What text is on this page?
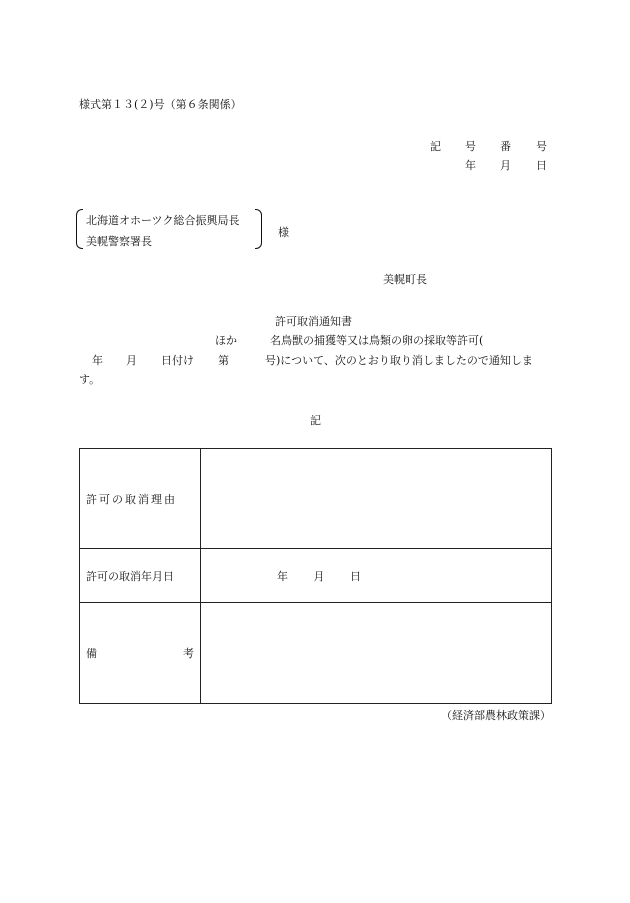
様式第１３(２)号（第６条関係）
記 号 番 号
年 月 日
北海道オホーツク総合振興局長
美幌警察署長
様
美幌町長
許可取消通知書
ほか	名鳥獣の捕獲等又は鳥類の卵の採取等許可(
年 月 日付け 第	号)について、次のとおり取り消しましたので通知しま
す。
記
許可の取消理由	

許可の取消年月日	年 月 日

備 考	

（経済部農林政策課）
